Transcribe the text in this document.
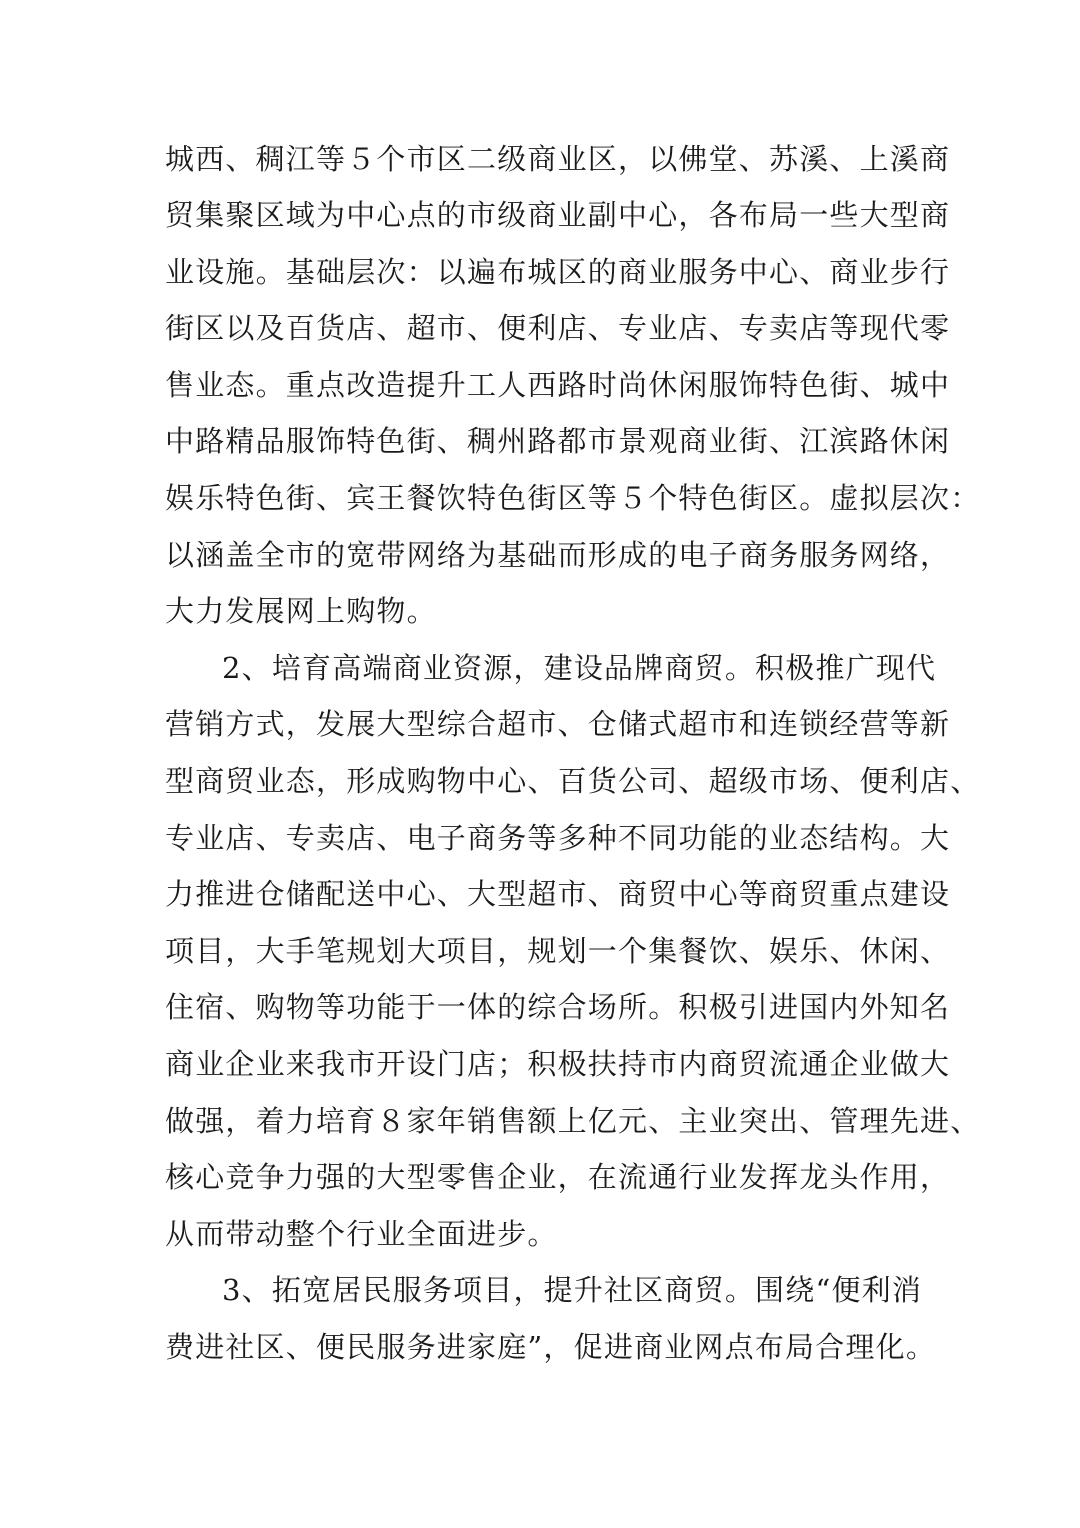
城西、稠江等５个市区二级商业区，以佛堂、苏溪、上溪商
贸集聚区域为中心点的市级商业副中心，各布局一些大型商
业设施。基础层次：以遍布城区的商业服务中心、商业步行
街区以及百货店、超市、便利店、专业店、专卖店等现代零
售业态。重点改造提升工人西路时尚休闲服饰特色街、城中
中路精品服饰特色街、稠州路都市景观商业街、江滨路休闲
娱乐特色街、宾王餐饮特色街区等５个特色街区。虚拟层次：
以涵盖全市的宽带网络为基础而形成的电子商务服务网络，
大力发展网上购物。
2、培育高端商业资源，建设品牌商贸。积极推广现代
营销方式，发展大型综合超市、仓储式超市和连锁经营等新
型商贸业态，形成购物中心、百货公司、超级市场、便利店、
专业店、专卖店、电子商务等多种不同功能的业态结构。大
力推进仓储配送中心、大型超市、商贸中心等商贸重点建设
项目，大手笔规划大项目，规划一个集餐饮、娱乐、休闲、
住宿、购物等功能于一体的综合场所。积极引进国内外知名
商业企业来我市开设门店；积极扶持市内商贸流通企业做大
做强，着力培育８家年销售额上亿元、主业突出、管理先进、
核心竞争力强的大型零售企业，在流通行业发挥龙头作用，
从而带动整个行业全面进步。
3、拓宽居民服务项目，提升社区商贸。围绕“便利消
费进社区、便民服务进家庭”，促进商业网点布局合理化。
